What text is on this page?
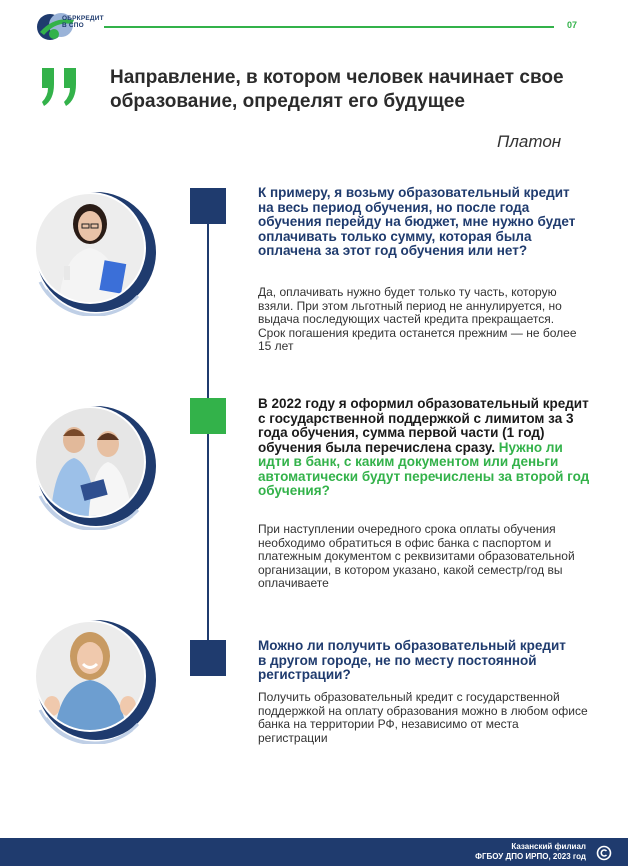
ОБРКРЕДИТ
В СПО	07
Направление, в котором человек начинает свое образование, определят его будущее
Платон
К примеру, я возьму образовательный кредит на весь период обучения, но после года обучения перейду на бюджет, мне нужно будет оплачивать только сумму, которая была оплачена за этот год обучения или нет?
Да, оплачивать нужно будет только ту часть, которую взяли. При этом льготный период не аннулируется, но выдача последующих частей кредита прекращается.
Срок погашения кредита останется прежним — не более 15 лет
В 2022 году я оформил образовательный кредит с государственной поддержкой с лимитом за 3 года обучения, сумма первой части (1 год) обучения была перечислена сразу. Нужно ли идти в банк, с каким документом или деньги автоматически будут перечислены за второй год обучения?
При наступлении очередного срока оплаты обучения необходимо обратиться в офис банка с паспортом и платежным документом с реквизитами образовательной организации, в котором указано, какой семестр/год вы оплачиваете
Можно ли получить образовательный кредит в другом городе, не по месту постоянной регистрации?
Получить образовательный кредит с государственной поддержкой на оплату образования можно в любом офисе банка на территории РФ, независимо от места регистрации
Казанский филиал
ФГБОУ ДПО ИРПО, 2023 год
